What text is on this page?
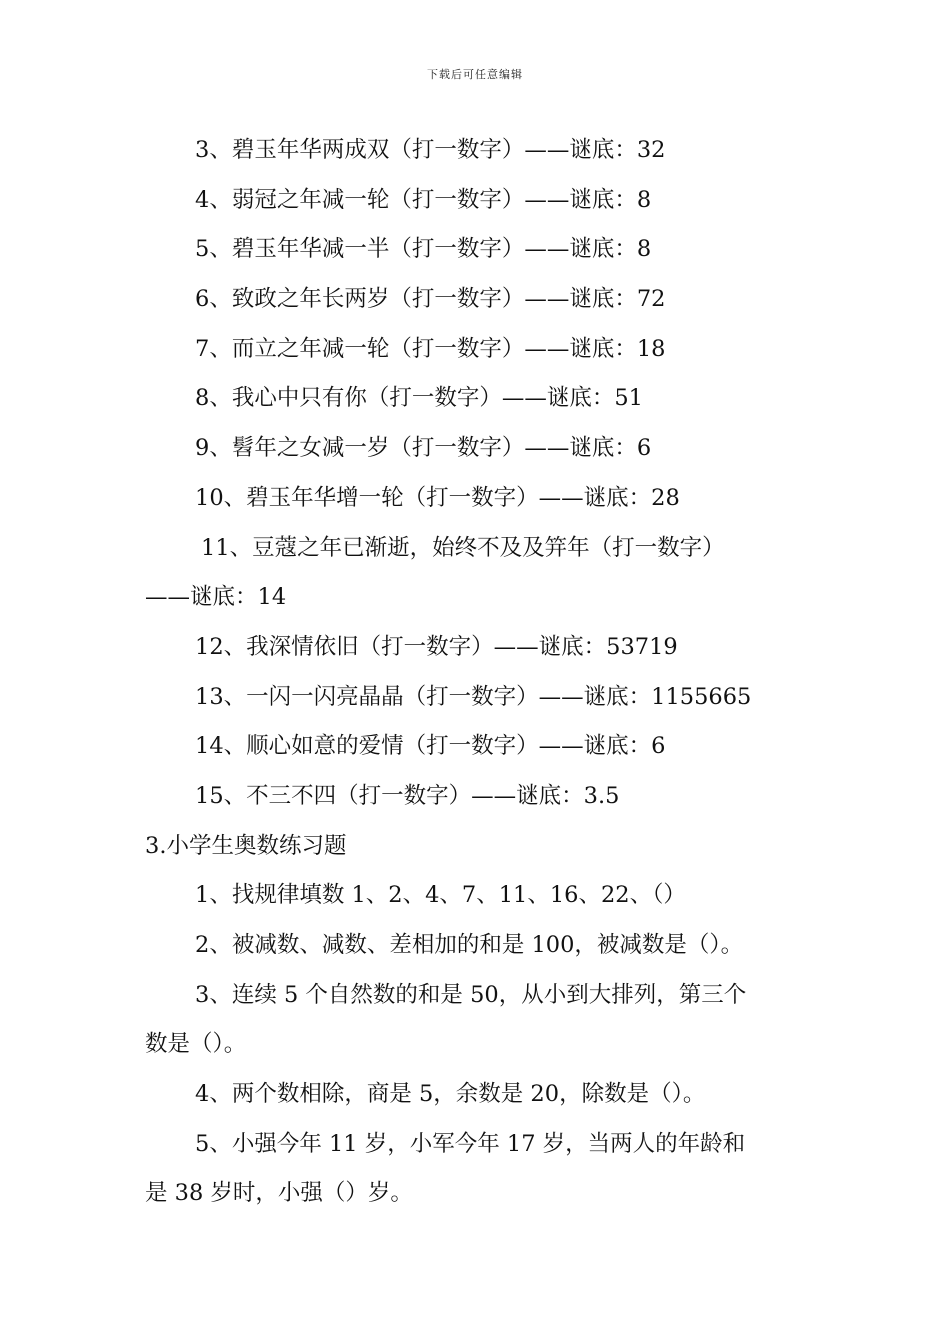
下载后可任意编辑
3、碧玉年华两成双（打一数字）——谜底：32
4、弱冠之年减一轮（打一数字）——谜底：8
5、碧玉年华减一半（打一数字）——谜底：8
6、致政之年长两岁（打一数字）——谜底：72
7、而立之年减一轮（打一数字）——谜底：18
8、我心中只有你（打一数字）——谜底：51
9、髫年之女减一岁（打一数字）——谜底：6
10、碧玉年华增一轮（打一数字）——谜底：28
11、豆蔻之年已渐逝，始终不及及笄年（打一数字）
——谜底：14
12、我深情依旧（打一数字）——谜底：53719
13、一闪一闪亮晶晶（打一数字）——谜底：1155665
14、顺心如意的爱情（打一数字）——谜底：6
15、不三不四（打一数字）——谜底：3.5
3.小学生奥数练习题
1、找规律填数 1、2、4、7、11、16、22、（）
2、被减数、减数、差相加的和是 100，被减数是（）。
3、连续 5 个自然数的和是 50，从小到大排列，第三个
数是（）。
4、两个数相除，商是 5，余数是 20，除数是（）。
5、小强今年 11 岁，小军今年 17 岁，当两人的年龄和
是 38 岁时，小强（）岁。
